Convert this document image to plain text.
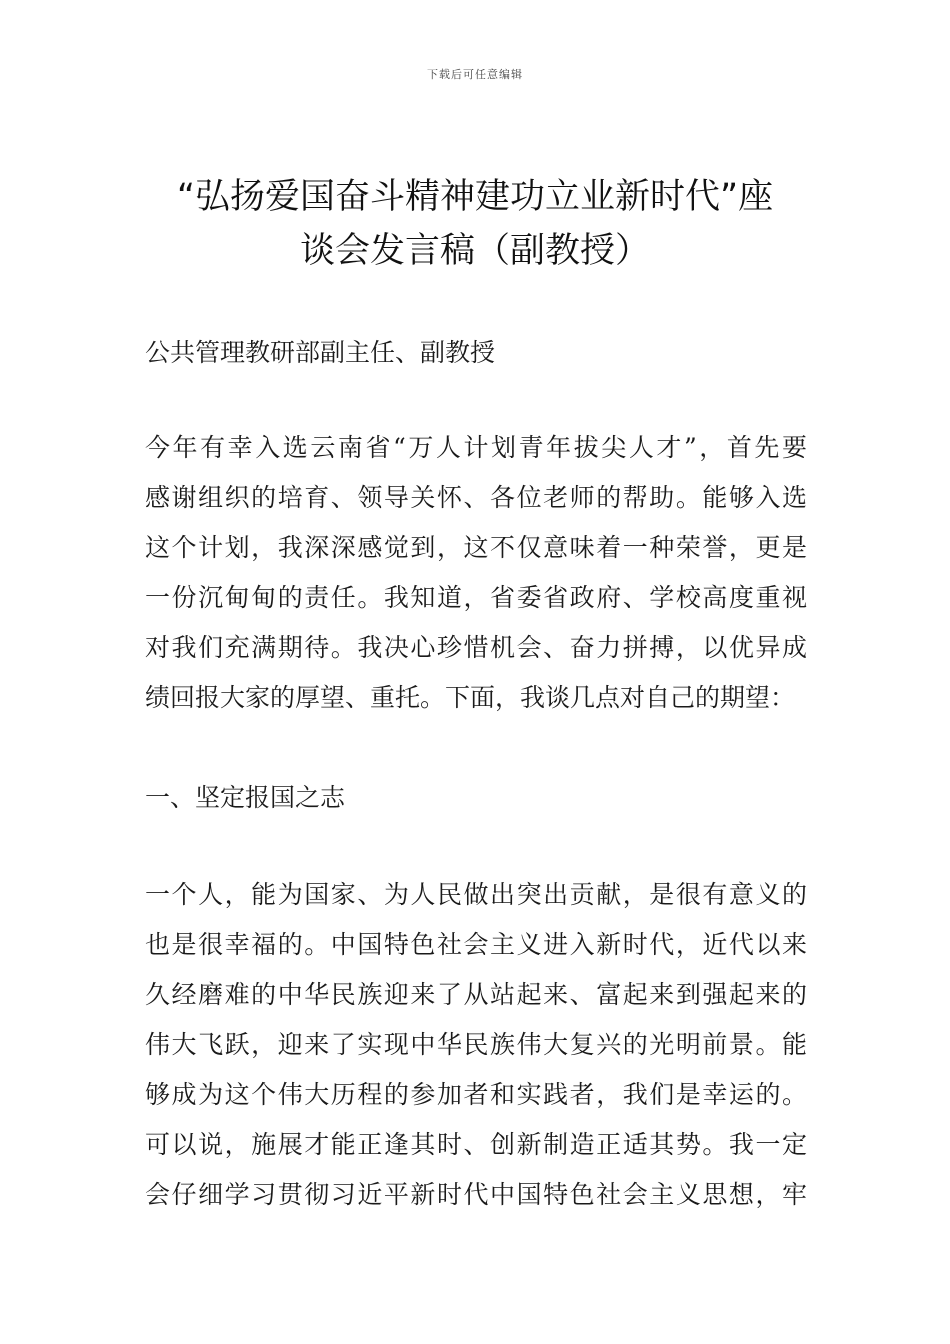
下载后可任意编辑
“弘扬爱国奋斗精神建功立业新时代”座
谈会发言稿（副教授）
公共管理教研部副主任、副教授
今年有幸入选云南省“万人计划青年拔尖人才”，首先要
感谢组织的培育、领导关怀、各位老师的帮助。能够入选
这个计划，我深深感觉到，这不仅意味着一种荣誉，更是
一份沉甸甸的责任。我知道，省委省政府、学校高度重视
对我们充满期待。我决心珍惜机会、奋力拼搏，以优异成
绩回报大家的厚望、重托。下面，我谈几点对自己的期望：
一、坚定报国之志
一个人，能为国家、为人民做出突出贡献，是很有意义的
也是很幸福的。中国特色社会主义进入新时代，近代以来
久经磨难的中华民族迎来了从站起来、富起来到强起来的
伟大飞跃，迎来了实现中华民族伟大复兴的光明前景。能
够成为这个伟大历程的参加者和实践者，我们是幸运的。
可以说，施展才能正逢其时、创新制造正适其势。我一定
会仔细学习贯彻习近平新时代中国特色社会主义思想，牢
